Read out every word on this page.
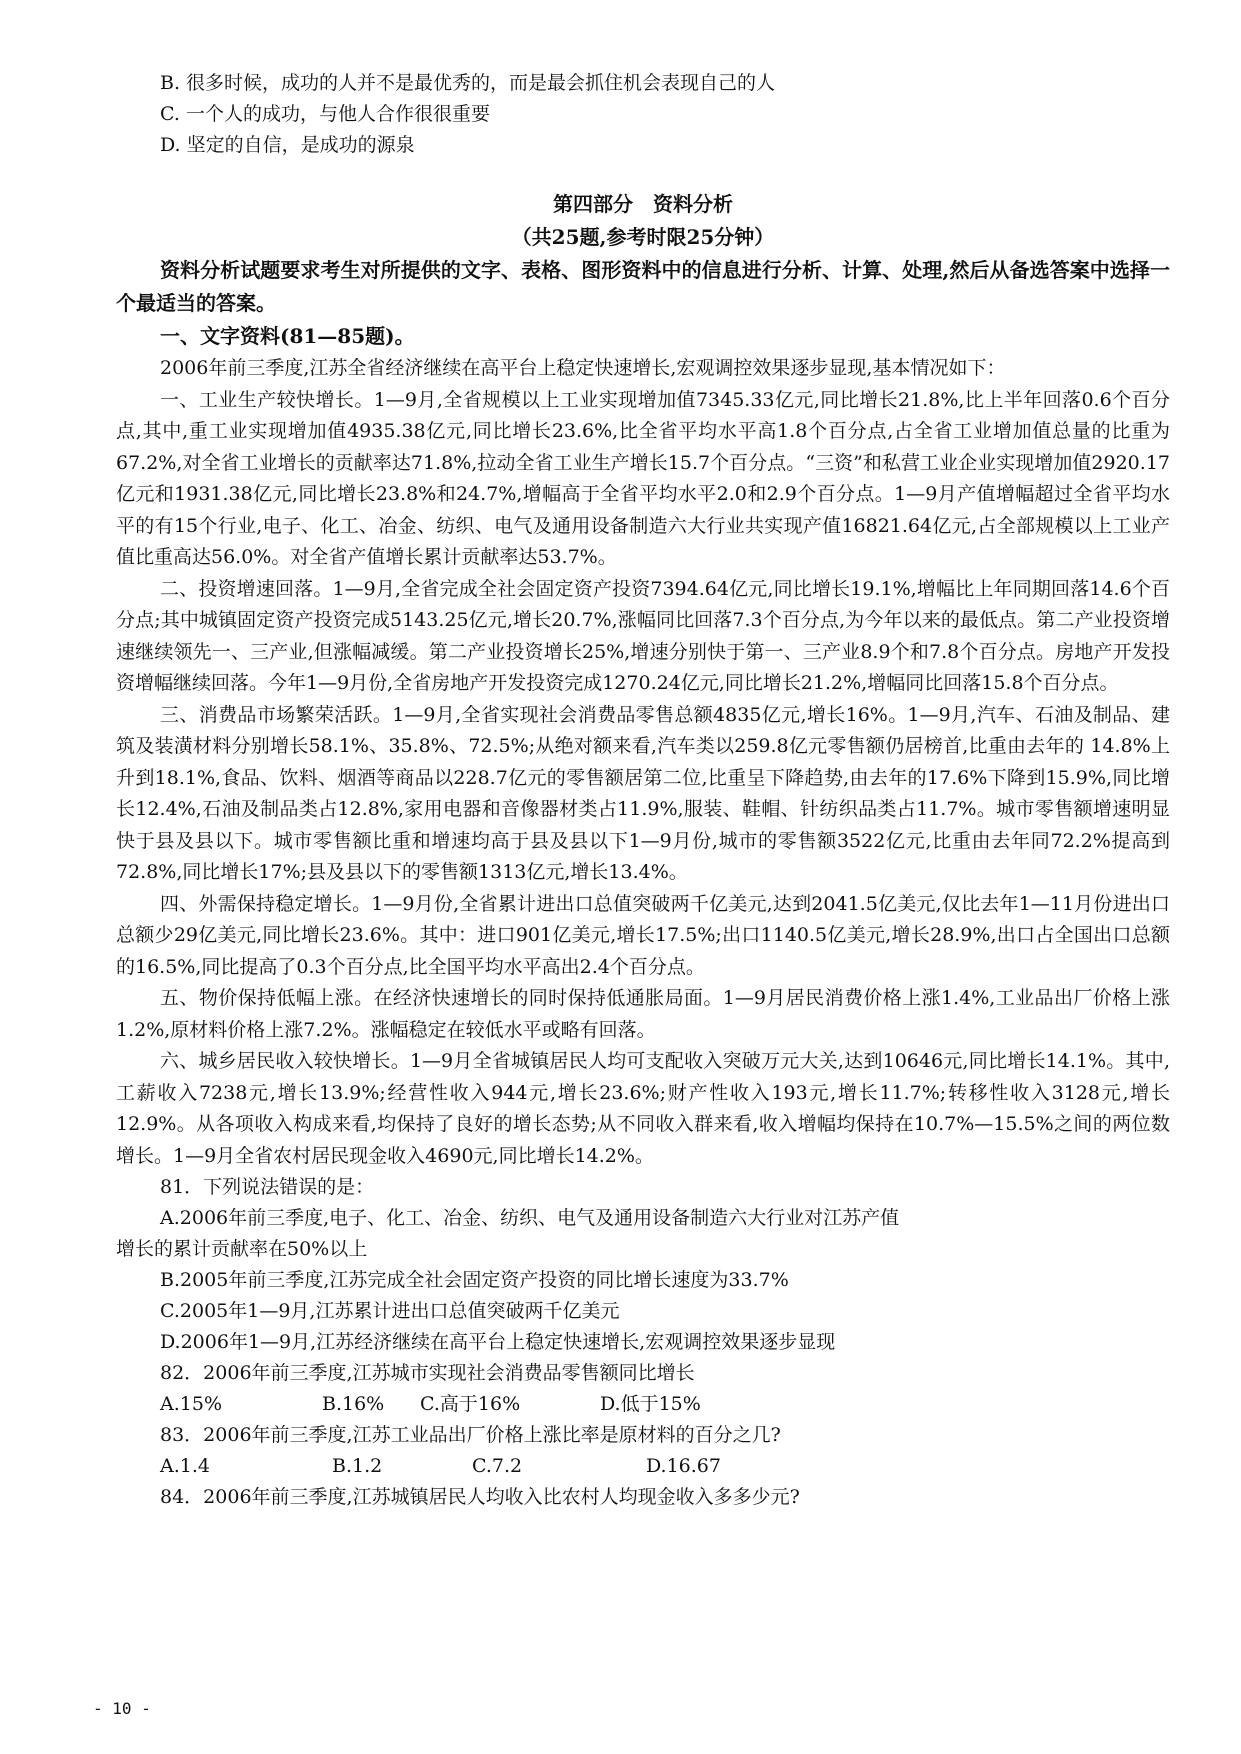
B. 很多时候，成功的人并不是最优秀的，而是最会抓住机会表现自己的人
C. 一个人的成功，与他人合作很很重要
D. 坚定的自信，是成功的源泉
第四部分　资料分析
（共25题,参考时限25分钟）

资料分析试题要求考生对所提供的文字、表格、图形资料中的信息进行分析、计算、处理,然后从备选答案中选择一个最适当的答案。

一、文字资料(81—85题)。

2006年前三季度,江苏全省经济继续在高平台上稳定快速增长,宏观调控效果逐步显现,基本情况如下：

一、工业生产较快增长。1—9月,全省规模以上工业实现增加值7345.33亿元,同比增长21.8%,比上半年回落0.6个百分点,其中,重工业实现增加值4935.38亿元,同比增长23.6%,比全省平均水平高1.8个百分点,占全省工业增加值总量的比重为67.2%,对全省工业增长的贡献率达71.8%,拉动全省工业生产增长15.7个百分点。“三资”和私营工业企业实现增加值2920.17亿元和1931.38亿元,同比增长23.8%和24.7%,增幅高于全省平均水平2.0和2.9个百分点。1—9月产值增幅超过全省平均水平的有15个行业,电子、化工、冶金、纺织、电气及通用设备制造六大行业共实现产值16821.64亿元,占全部规模以上工业产值比重高达56.0%。对全省产值增长累计贡献率达53.7%。

二、投资增速回落。1—9月,全省完成全社会固定资产投资7394.64亿元,同比增长19.1%,增幅比上年同期回落14.6个百分点;其中城镇固定资产投资完成5143.25亿元,增长20.7%,涨幅同比回落7.3个百分点,为今年以来的最低点。第二产业投资增速继续领先一、三产业,但涨幅减缓。第二产业投资增长25%,增速分别快于第一、三产业8.9个和7.8个百分点。房地产开发投资增幅继续回落。今年1—9月份,全省房地产开发投资完成1270.24亿元,同比增长21.2%,增幅同比回落15.8个百分点。

三、消费品市场繁荣活跃。1—9月,全省实现社会消费品零售总额4835亿元,增长16%。1—9月,汽车、石油及制品、建筑及装潢材料分别增长58.1%、35.8%、72.5%;从绝对额来看,汽车类以259.8亿元零售额仍居榜首,比重由去年的 14.8%上升到18.1%,食品、饮料、烟酒等商品以228.7亿元的零售额居第二位,比重呈下降趋势,由去年的17.6%下降到15.9%,同比增长12.4%,石油及制品类占12.8%,家用电器和音像器材类占11.9%,服装、鞋帽、针纺织品类占11.7%。城市零售额增速明显快于县及县以下。城市零售额比重和增速均高于县及县以下1—9月份,城市的零售额3522亿元,比重由去年同72.2%提高到72.8%,同比增长17%;县及县以下的零售额1313亿元,增长13.4%。

四、外需保持稳定增长。1—9月份,全省累计进出口总值突破两千亿美元,达到2041.5亿美元,仅比去年1—11月份进出口总额少29亿美元,同比增长23.6%。其中：进口901亿美元,增长17.5%;出口1140.5亿美元,增长28.9%,出口占全国出口总额的16.5%,同比提高了0.3个百分点,比全国平均水平高出2.4个百分点。

五、物价保持低幅上涨。在经济快速增长的同时保持低通胀局面。1—9月居民消费价格上涨1.4%,工业品出厂价格上涨1.2%,原材料价格上涨7.2%。涨幅稳定在较低水平或略有回落。

六、城乡居民收入较快增长。1—9月全省城镇居民人均可支配收入突破万元大关,达到10646元,同比增长14.1%。其中,工薪收入7238元,增长13.9%;经营性收入944元,增长23.6%;财产性收入193元,增长11.7%;转移性收入3128元,增长12.9%。从各项收入构成来看,均保持了良好的增长态势;从不同收入群来看,收入增幅均保持在10.7%—15.5%之间的两位数增长。1—9月全省农村居民现金收入4690元,同比增长14.2%。

81．下列说法错误的是：
A.2006年前三季度,电子、化工、冶金、纺织、电气及通用设备制造六大行业对江苏产值
增长的累计贡献率在50%以上
B.2005年前三季度,江苏完成全社会固定资产投资的同比增长速度为33.7%
C.2005年1—9月,江苏累计进出口总值突破两千亿美元
D.2006年1—9月,江苏经济继续在高平台上稳定快速增长,宏观调控效果逐步显现
82．2006年前三季度,江苏城市实现社会消费品零售额同比增长
A.15%	B.16%	C.高于16%	D.低于15%
83．2006年前三季度,江苏工业品出厂价格上涨比率是原材料的百分之几?
A.1.4	B.1.2	C.7.2	D.16.67
84．2006年前三季度,江苏城镇居民人均收入比农村人均现金收入多多少元?
- 10 -
